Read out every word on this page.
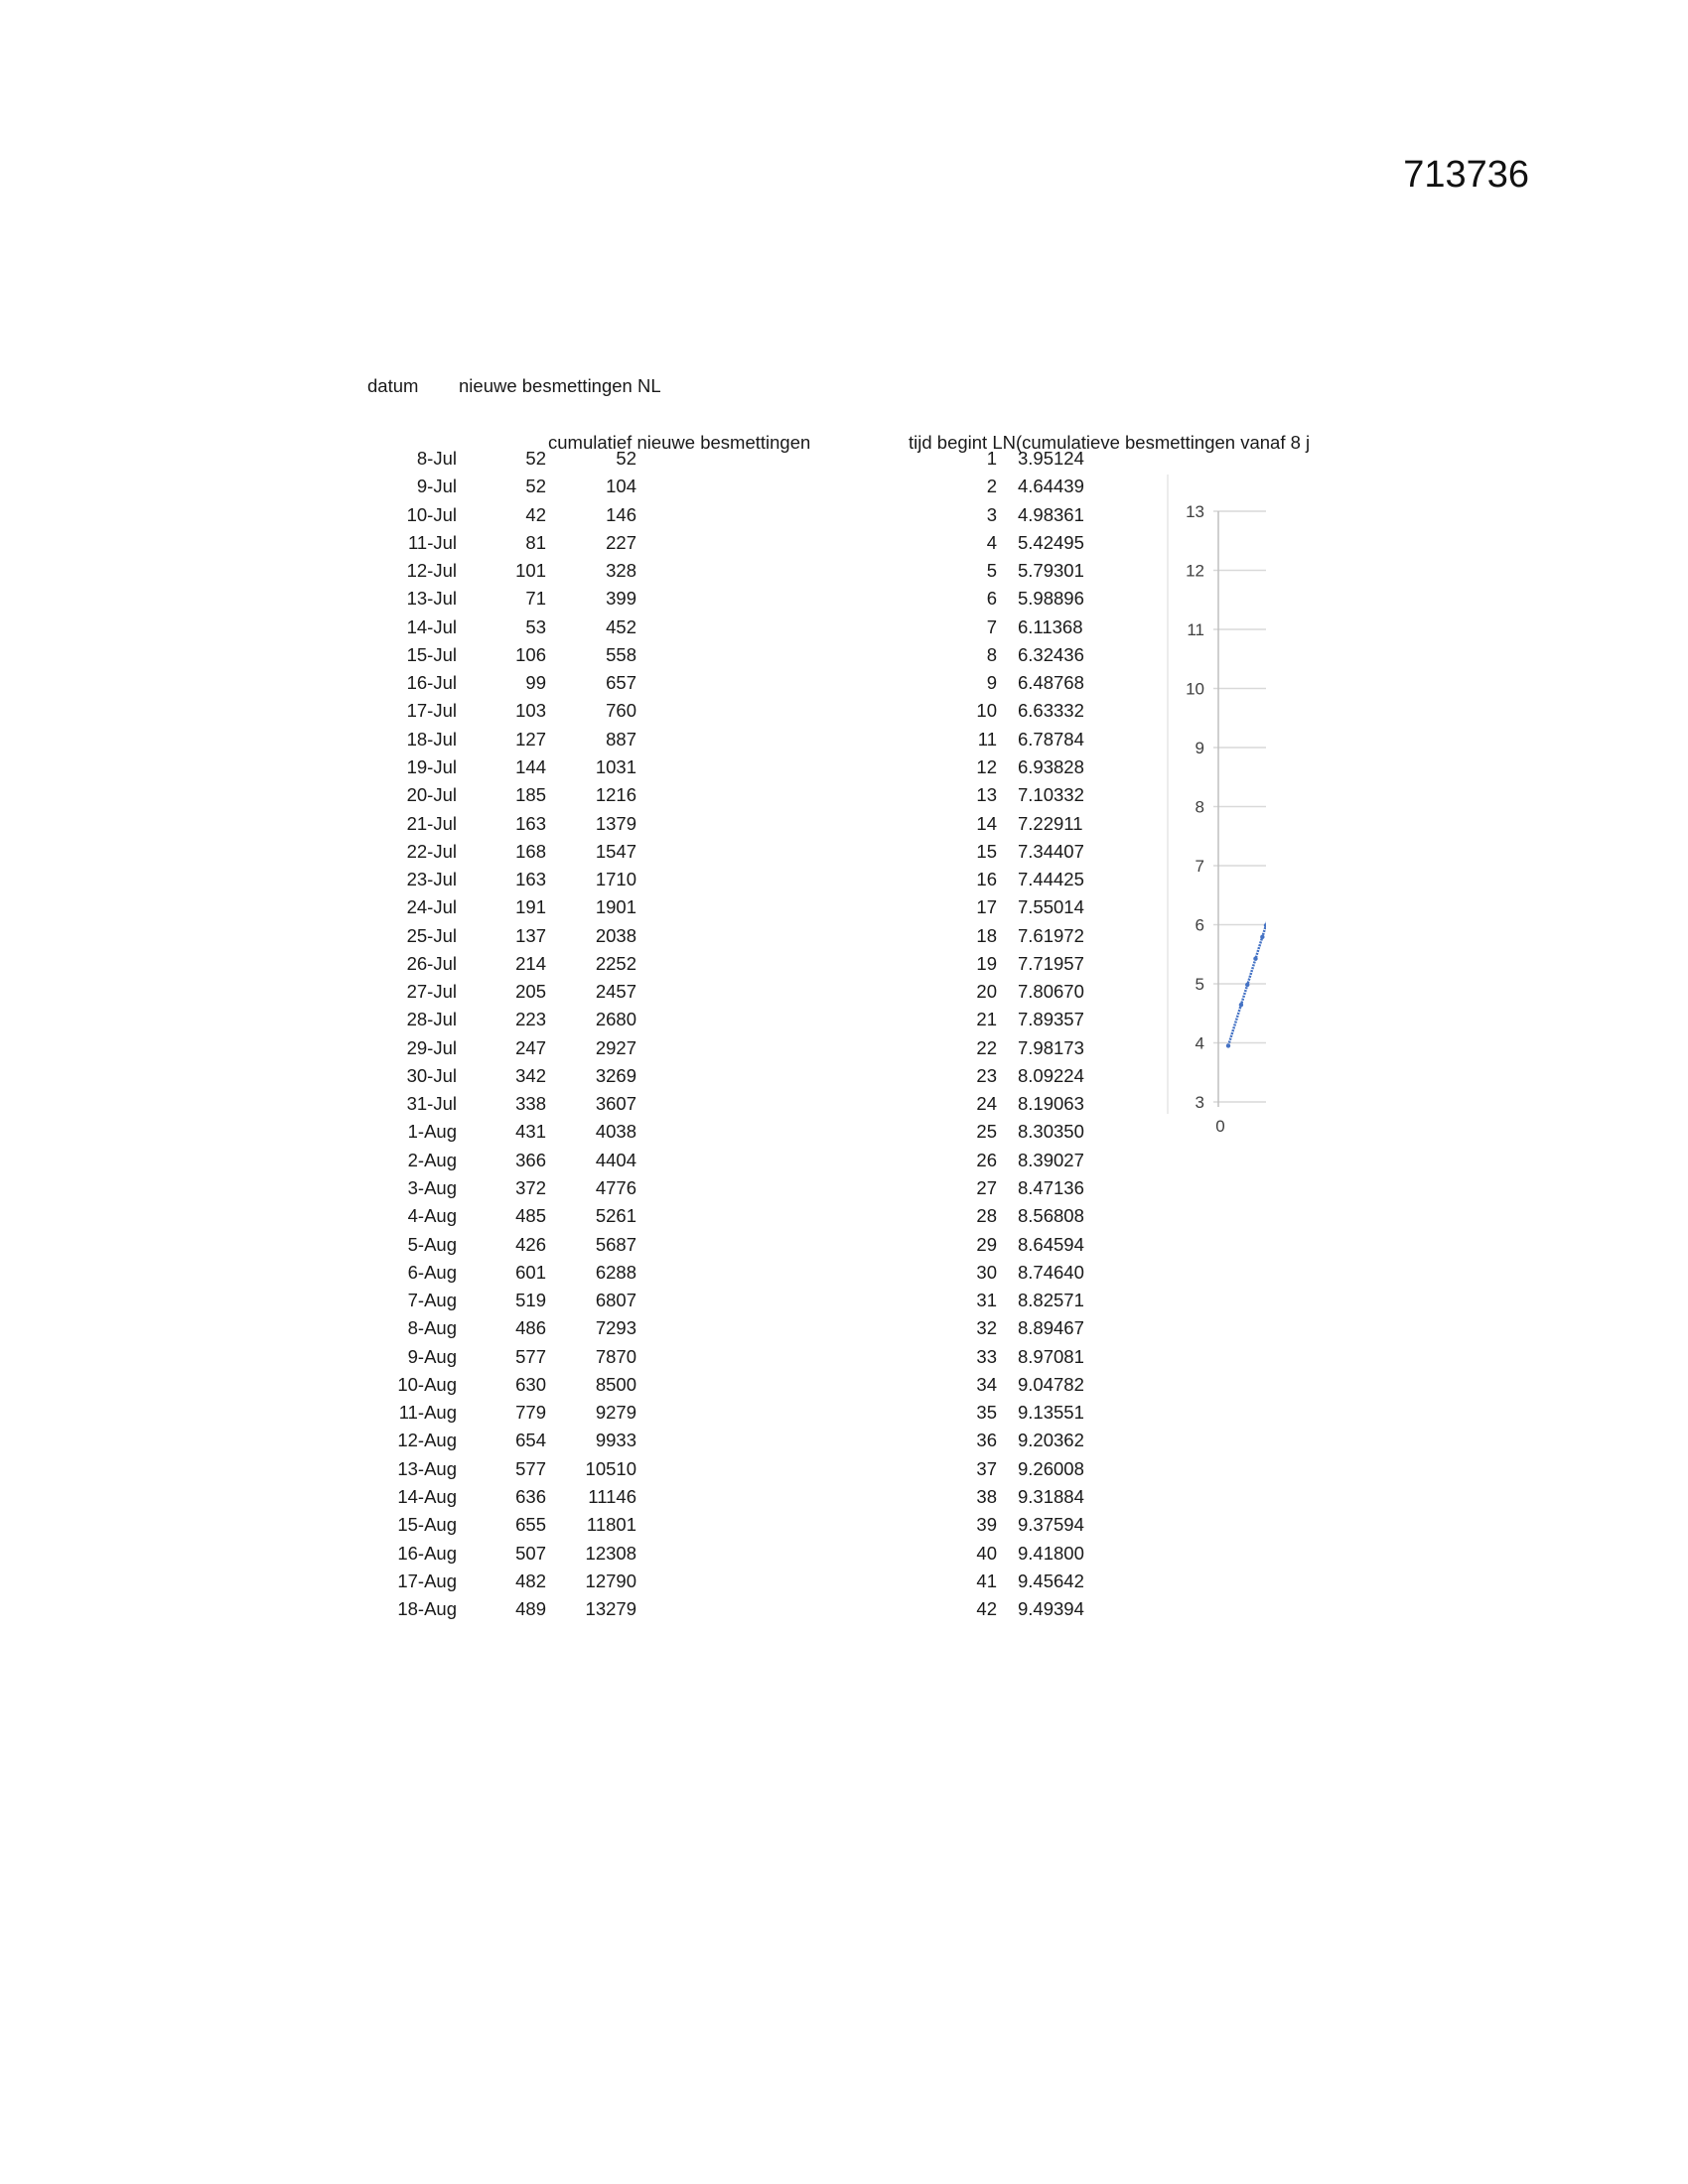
713736
datum nieuwe besmettingen NL
cumulatief nieuwe besmettingen	tijd begint LN(cumulatieve besmettingen vanaf 8 j
8-Jul	52	52	1 3.95124
9-Jul	52	104	2 4.64439
10-Jul	42	146	3 4.98361
11-Jul	81	227	4 5.42495
12-Jul	101	328	5 5.79301
13-Jul	71	399	6 5.98896
14-Jul	53	452	7 6.11368
15-Jul	106	558	8 6.32436
16-Jul	99	657	9 6.48768
17-Jul	103	760	10 6.63332
18-Jul	127	887	11 6.78784
19-Jul	144	1031	12 6.93828
20-Jul	185	1216	13 7.10332
21-Jul	163	1379	14 7.22911
22-Jul	168	1547	15 7.34407
23-Jul	163	1710	16 7.44425
24-Jul	191	1901	17 7.55014
25-Jul	137	2038	18 7.61972
26-Jul	214	2252	19 7.71957
27-Jul	205	2457	20 7.80670
28-Jul	223	2680	21 7.89357
29-Jul	247	2927	22 7.98173
30-Jul	342	3269	23 8.09224
31-Jul	338	3607	24 8.19063
1-Aug	431	4038	25 8.30350
2-Aug	366	4404	26 8.39027
3-Aug	372	4776	27 8.47136
4-Aug	485	5261	28 8.56808
5-Aug	426	5687	29 8.64594
6-Aug	601	6288	30 8.74640
7-Aug	519	6807	31 8.82571
8-Aug	486	7293	32 8.89467
9-Aug	577	7870	33 8.97081
10-Aug	630	8500	34 9.04782
11-Aug	779	9279	35 9.13551
12-Aug	654	9933	36 9.20362
13-Aug	577	10510	37 9.26008
14-Aug	636	11146	38 9.31884
15-Aug	655	11801	39 9.37594
16-Aug	507	12308	40 9.41800
17-Aug	482	12790	41 9.45642
18-Aug	489	13279	42 9.49394
3
4
5
6
7
8
9
10
11
12
13
0
